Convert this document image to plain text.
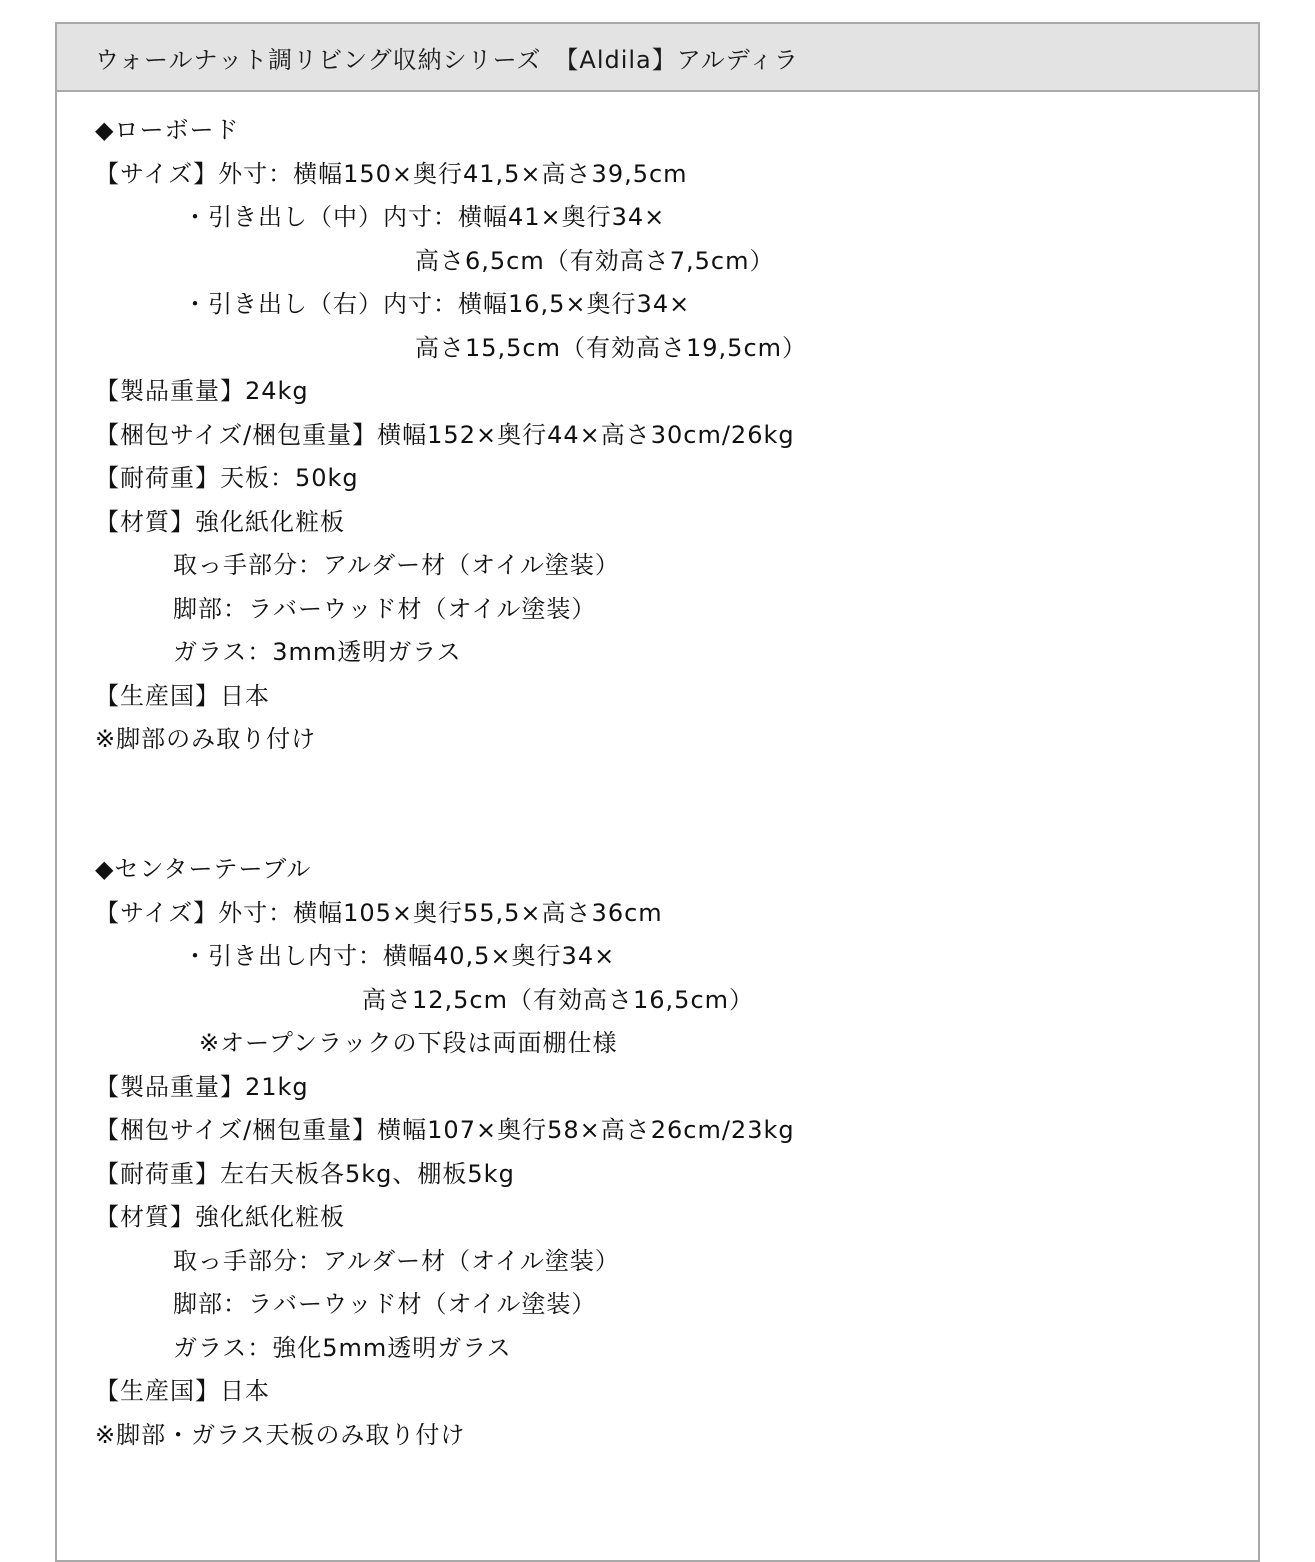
ウォールナット調リビング収納シリーズ　【Aldila】アルディラ
◆ローボード
【サイズ】外寸：横幅150×奥行41,5×高さ39,5cm
・引き出し（中）内寸：横幅41×奥行34×
高さ6,5cm（有効高さ7,5cm）
・引き出し（右）内寸：横幅16,5×奥行34×
高さ15,5cm（有効高さ19,5cm）
【製品重量】24kg
【梱包サイズ/梱包重量】横幅152×奥行44×高さ30cm/26kg
【耐荷重】天板：50kg
【材質】強化紙化粧板
取っ手部分：アルダー材（オイル塗装）
脚部：ラバーウッド材（オイル塗装）
ガラス：3mm透明ガラス
【生産国】日本
※脚部のみ取り付け
◆センターテーブル
【サイズ】外寸：横幅105×奥行55,5×高さ36cm
・引き出し内寸：横幅40,5×奥行34×
高さ12,5cm（有効高さ16,5cm）
※オープンラックの下段は両面棚仕様
【製品重量】21kg
【梱包サイズ/梱包重量】横幅107×奥行58×高さ26cm/23kg
【耐荷重】左右天板各5kg、棚板5kg
【材質】強化紙化粧板
取っ手部分：アルダー材（オイル塗装）
脚部：ラバーウッド材（オイル塗装）
ガラス：強化5mm透明ガラス
【生産国】日本
※脚部・ガラス天板のみ取り付け
